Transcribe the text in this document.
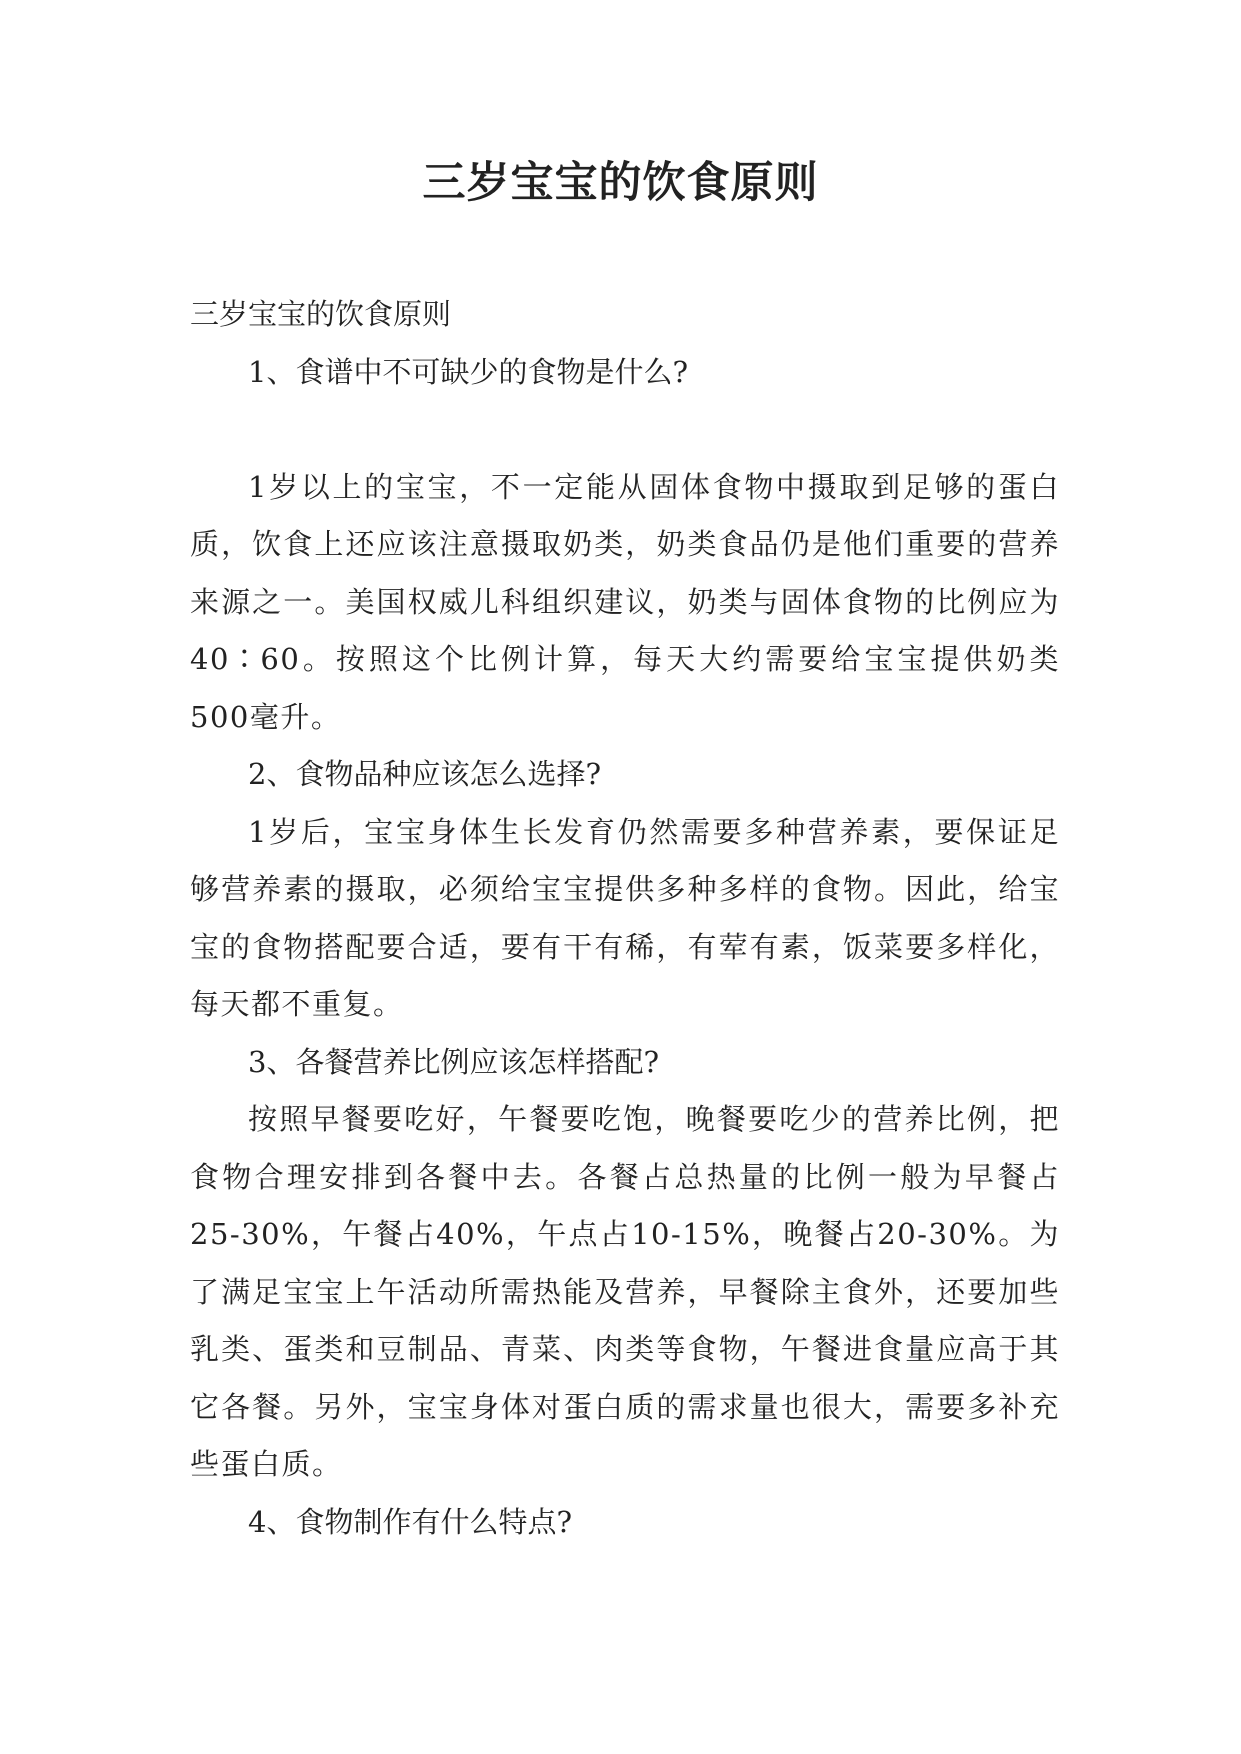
三岁宝宝的饮食原则

三岁宝宝的饮食原则

1、食谱中不可缺少的食物是什么?

1岁以上的宝宝，不一定能从固体食物中摄取到足够的蛋白质，饮食上还应该注意摄取奶类，奶类食品仍是他们重要的营养来源之一。美国权威儿科组织建议，奶类与固体食物的比例应为40∶60。按照这个比例计算，每天大约需要给宝宝提供奶类500毫升。

2、食物品种应该怎么选择?

1岁后，宝宝身体生长发育仍然需要多种营养素，要保证足够营养素的摄取，必须给宝宝提供多种多样的食物。因此，给宝宝的食物搭配要合适，要有干有稀，有荤有素，饭菜要多样化，每天都不重复。

3、各餐营养比例应该怎样搭配?

按照早餐要吃好，午餐要吃饱，晚餐要吃少的营养比例，把食物合理安排到各餐中去。各餐占总热量的比例一般为早餐占25-30%，午餐占40%，午点占10-15%，晚餐占20-30%。为了满足宝宝上午活动所需热能及营养，早餐除主食外，还要加些乳类、蛋类和豆制品、青菜、肉类等食物，午餐进食量应高于其它各餐。另外，宝宝身体对蛋白质的需求量也很大，需要多补充些蛋白质。

4、食物制作有什么特点?
